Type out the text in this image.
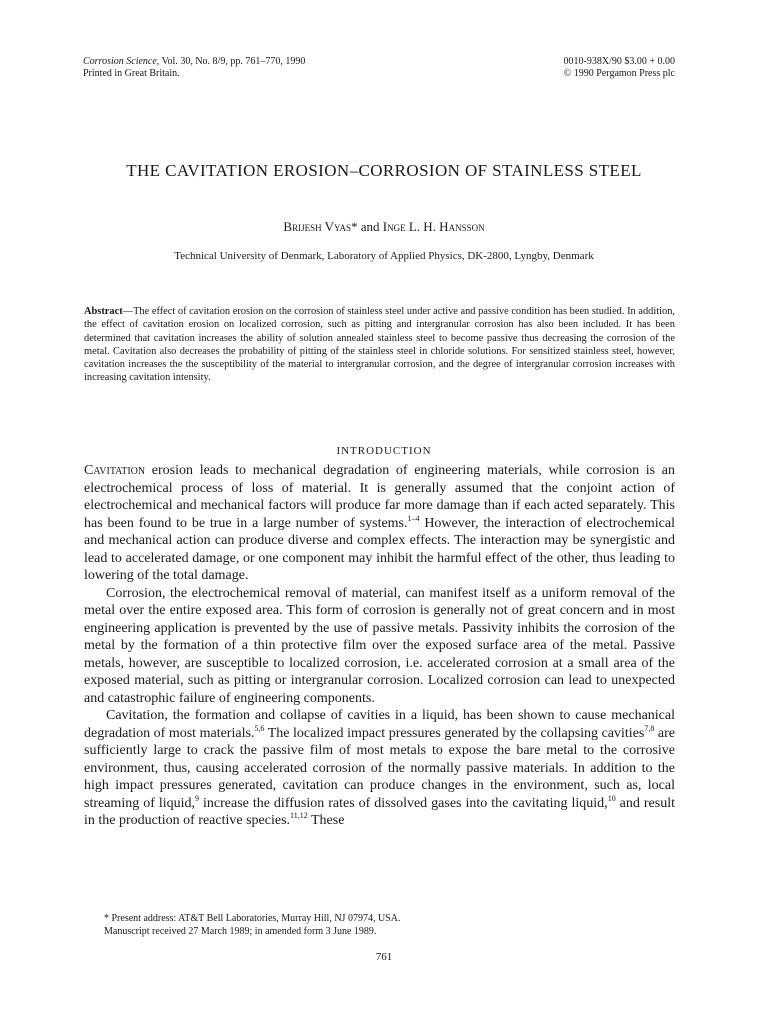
Corrosion Science, Vol. 30, No. 8/9, pp. 761–770, 1990
Printed in Great Britain.
0010-938X/90 $3.00 + 0.00
© 1990 Pergamon Press plc
THE CAVITATION EROSION–CORROSION OF STAINLESS STEEL
Brijesh Vyas* and Inge L. H. Hansson
Technical University of Denmark, Laboratory of Applied Physics, DK-2800, Lyngby, Denmark
Abstract—The effect of cavitation erosion on the corrosion of stainless steel under active and passive condition has been studied. In addition, the effect of cavitation erosion on localized corrosion, such as pitting and intergranular corrosion has also been included. It has been determined that cavitation increases the ability of solution annealed stainless steel to become passive thus decreasing the corrosion of the metal. Cavitation also decreases the probability of pitting of the stainless steel in chloride solutions. For sensitized stainless steel, however, cavitation increases the the susceptibility of the material to intergranular corrosion, and the degree of intergranular corrosion increases with increasing cavitation intensity.
INTRODUCTION

Cavitation erosion leads to mechanical degradation of engineering materials, while corrosion is an electrochemical process of loss of material. It is generally assumed that the conjoint action of electrochemical and mechanical factors will produce far more damage than if each acted separately. This has been found to be true in a large number of systems.$^{1-4}$ However, the interaction of electrochemical and mechanical action can produce diverse and complex effects. The interaction may be synergistic and lead to accelerated damage, or one component may inhibit the harmful effect of the other, thus leading to lowering of the total damage.

Corrosion, the electrochemical removal of material, can manifest itself as a uniform removal of the metal over the entire exposed area. This form of corrosion is generally not of great concern and in most engineering application is prevented by the use of passive metals. Passivity inhibits the corrosion of the metal by the formation of a thin protective film over the exposed surface area of the metal. Passive metals, however, are susceptible to localized corrosion, i.e. accelerated corrosion at a small area of the exposed material, such as pitting or intergranular corrosion. Localized corrosion can lead to unexpected and catastrophic failure of engineering components.

Cavitation, the formation and collapse of cavities in a liquid, has been shown to cause mechanical degradation of most materials.$^{5,6}$ The localized impact pressures generated by the collapsing cavities$^{7,8}$ are sufficiently large to crack the passive film of most metals to expose the bare metal to the corrosive environment, thus, causing accelerated corrosion of the normally passive materials. In addition to the high impact pressures generated, cavitation can produce changes in the environment, such as, local streaming of liquid,$^9$ increase the diffusion rates of dissolved gases into the cavitating liquid,$^{10}$ and result in the production of reactive species.$^{11,12}$ These

* Present address: AT&T Bell Laboratories, Murray Hill, NJ 07974, USA.
Manuscript received 27 March 1989; in amended form 3 June 1989.
761
